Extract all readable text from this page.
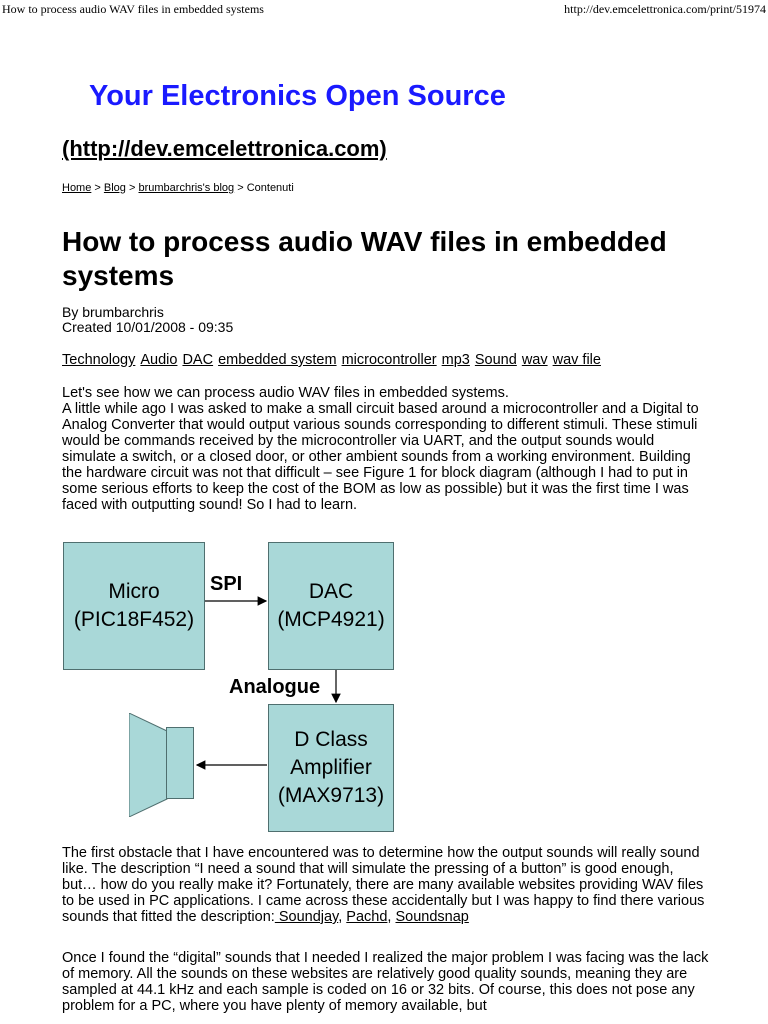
How to process audio WAV files in embedded systems	http://dev.emcelettronica.com/print/51974
Your Electronics Open Source
(http://dev.emcelettronica.com)
Home > Blog > brumbarchris's blog > Contenuti
How to process audio WAV files in embedded systems
By brumbarchris
Created 10/01/2008 - 09:35
Technology Audio DAC embedded system microcontroller mp3 Sound wav wav file

Let's see how we can process audio WAV files in embedded systems.
A little while ago I was asked to make a small circuit based around a microcontroller and a Digital to Analog Converter that would output various sounds corresponding to different stimuli. These stimuli would be commands received by the microcontroller via UART, and the output sounds would simulate a switch, or a closed door, or other ambient sounds from a working environment. Building the hardware circuit was not that difficult – see Figure 1 for block diagram (although I had to put in some serious efforts to keep the cost of the BOM as low as possible) but it was the first time I was faced with outputting sound! So I had to learn.

Micro
(PIC18F452)
DAC
(MCP4921)
D Class
Amplifier
(MAX9713)
SPI
Analogue

The first obstacle that I have encountered was to determine how the output sounds will really sound like. The description “I need a sound that will simulate the pressing of a button” is good enough, but… how do you really make it? Fortunately, there are many available websites providing WAV files to be used in PC applications. I came across these accidentally but I was happy to find there various sounds that fitted the description: Soundjay, Pachd, Soundsnap

Once I found the “digital” sounds that I needed I realized the major problem I was facing was the lack of memory. All the sounds on these websites are relatively good quality sounds, meaning they are sampled at 44.1 kHz and each sample is coded on 16 or 32 bits. Of course, this does not pose any problem for a PC, where you have plenty of memory available, but
